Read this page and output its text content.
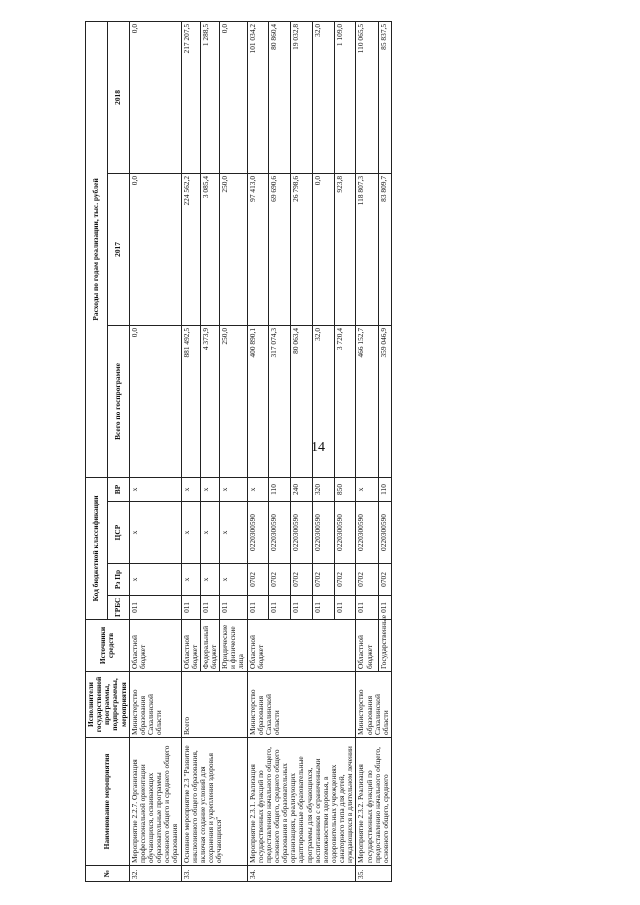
14
№	Наименование мероприятия	Исполнители государственной программы, подпрограммы, мероприятия	Источники средств	Код бюджетной классификации				Расходы по годам реализации, тыс. рублей		
				ГРБС	Рз Пр	ЦСР	ВР	Всего по госпрограмме	2017	2018
32.	Мероприятие 2.2.7. Организация профессиональной ориентации обучающихся, осваивающих образовательные программы основного общего и среднего общего образования	Министерство образования Сахалинской области	Областной бюджет	011	x	x	x	0,0	0,0	0,0
33.	Основное мероприятие 2.3 "Развитие инклюзивного общего образования, включая создание условий для сохранения и укрепления здоровья обучающихся"	Всего	Областной бюджет	011	x	x	x	881 492,5	224 562,2	217 207,5
			Федеральный бюджет	011	x	x	x	4 373,9	3 085,4	1 288,5
			Юридические и физические лица	011	x	x	x	250,0	250,0	0,0
34.	Мероприятие 2.3.1. Реализация государственных функций по предоставлению начального общего, основного общего, среднего общего образования в образовательных организациях, реализующих адаптированные образовательные программы для обучающихся, воспитанников с ограниченными возможностями здоровья, в оздоровительных учреждениях санаторного типа для детей, нуждающихся в длительном лечении	Министерство образования Сахалинской области	Областной бюджет	011	0702	0220300590	x	400 890,1	97 413,0	101 034,2
				011	0702	0220300590	110	317 074,3	69 690,6	80 860,4
				011	0702	0220300590	240	80 063,4	26 798,6	19 032,8
				011	0702	0220300590	320	32,0	0,0	32,0
				011	0702	0220300590	850	3 720,4	923,8	1 109,0
35.	Мероприятие 2.3.2. Реализация государственных функций по предоставлению начального общего, основного общего, среднего	Министерство образования Сахалинской области	Областной бюджет	011	0702	0220300590	x	466 152,7	118 807,3	110 065,5
			Государственные	011	0702	0220300590	110	359 046,9	83 809,7	85 837,5
